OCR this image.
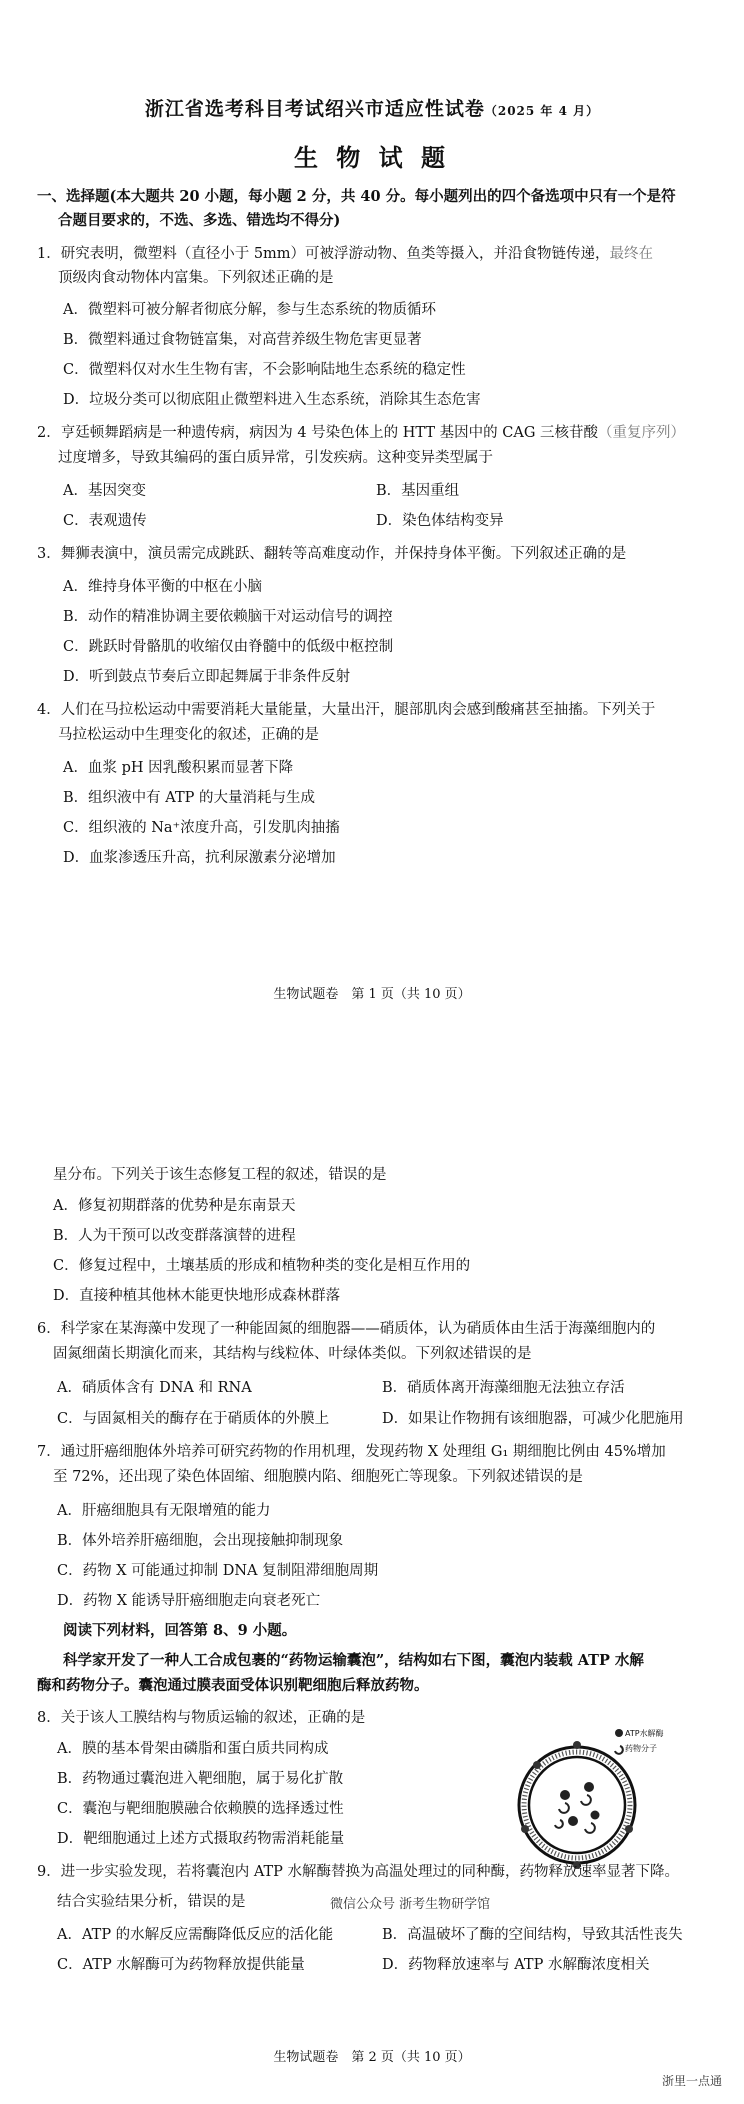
浙江省选考科目考试绍兴市适应性试卷（2025 年 4 月）
生 物 试 题
一、选择题(本大题共 20 小题，每小题 2 分，共 40 分。每小题列出的四个备选项中只有一个是符
合题目要求的，不选、多选、错选均不得分)
1．研究表明，微塑料（直径小于 5mm）可被浮游动物、鱼类等摄入，并沿食物链传递，最终在
顶级肉食动物体内富集。下列叙述正确的是
A．微塑料可被分解者彻底分解，参与生态系统的物质循环
B．微塑料通过食物链富集，对高营养级生物危害更显著
C．微塑料仅对水生生物有害，不会影响陆地生态系统的稳定性
D．垃圾分类可以彻底阻止微塑料进入生态系统，消除其生态危害
2．亨廷顿舞蹈病是一种遗传病，病因为 4 号染色体上的 HTT 基因中的 CAG 三核苷酸（重复序列）
过度增多，导致其编码的蛋白质异常，引发疾病。这种变异类型属于
A．基因突变	B．基因重组
C．表观遗传	D．染色体结构变异
3．舞狮表演中，演员需完成跳跃、翻转等高难度动作，并保持身体平衡。下列叙述正确的是
A．维持身体平衡的中枢在小脑
B．动作的精准协调主要依赖脑干对运动信号的调控
C．跳跃时骨骼肌的收缩仅由脊髓中的低级中枢控制
D．听到鼓点节奏后立即起舞属于非条件反射
4．人们在马拉松运动中需要消耗大量能量，大量出汗，腿部肌肉会感到酸痛甚至抽搐。下列关于
马拉松运动中生理变化的叙述，正确的是
A．血浆 pH 因乳酸积累而显著下降
B．组织液中有 ATP 的大量消耗与生成
C．组织液的 Na⁺浓度升高，引发肌肉抽搐
D．血浆渗透压升高，抗利尿激素分泌增加
生物试题卷　第 1 页（共 10 页）
星分布。下列关于该生态修复工程的叙述，错误的是
A．修复初期群落的优势种是东南景天
B．人为干预可以改变群落演替的进程
C．修复过程中，土壤基质的形成和植物种类的变化是相互作用的
D．直接种植其他林木能更快地形成森林群落
6．科学家在某海藻中发现了一种能固氮的细胞器——硝质体，认为硝质体由生活于海藻细胞内的
固氮细菌长期演化而来，其结构与线粒体、叶绿体类似。下列叙述错误的是
A．硝质体含有 DNA 和 RNA	B．硝质体离开海藻细胞无法独立存活
C．与固氮相关的酶存在于硝质体的外膜上	D．如果让作物拥有该细胞器，可减少化肥施用
7．通过肝癌细胞体外培养可研究药物的作用机理，发现药物 X 处理组 G₁ 期细胞比例由 45%增加
至 72%，还出现了染色体固缩、细胞膜内陷、细胞死亡等现象。下列叙述错误的是
A．肝癌细胞具有无限增殖的能力
B．体外培养肝癌细胞，会出现接触抑制现象
C．药物 X 可能通过抑制 DNA 复制阻滞细胞周期
D．药物 X 能诱导肝癌细胞走向衰老死亡
阅读下列材料，回答第 8、9 小题。
科学家开发了一种人工合成包裹的“药物运输囊泡”，结构如右下图，囊泡内装载 ATP 水解
酶和药物分子。囊泡通过膜表面受体识别靶细胞后释放药物。
8．关于该人工膜结构与物质运输的叙述，正确的是
A．膜的基本骨架由磷脂和蛋白质共同构成
B．药物通过囊泡进入靶细胞，属于易化扩散
C．囊泡与靶细胞膜融合依赖膜的选择透过性
D．靶细胞通过上述方式摄取药物需消耗能量
ATP水解酶
药物分子
9．进一步实验发现，若将囊泡内 ATP 水解酶替换为高温处理过的同种酶，药物释放速率显著下降。
结合实验结果分析，错误的是	微信公众号 浙考生物研学馆
A．ATP 的水解反应需酶降低反应的活化能	B．高温破坏了酶的空间结构，导致其活性丧失
C．ATP 水解酶可为药物释放提供能量	D．药物释放速率与 ATP 水解酶浓度相关
生物试题卷　第 2 页（共 10 页）
浙里一点通
